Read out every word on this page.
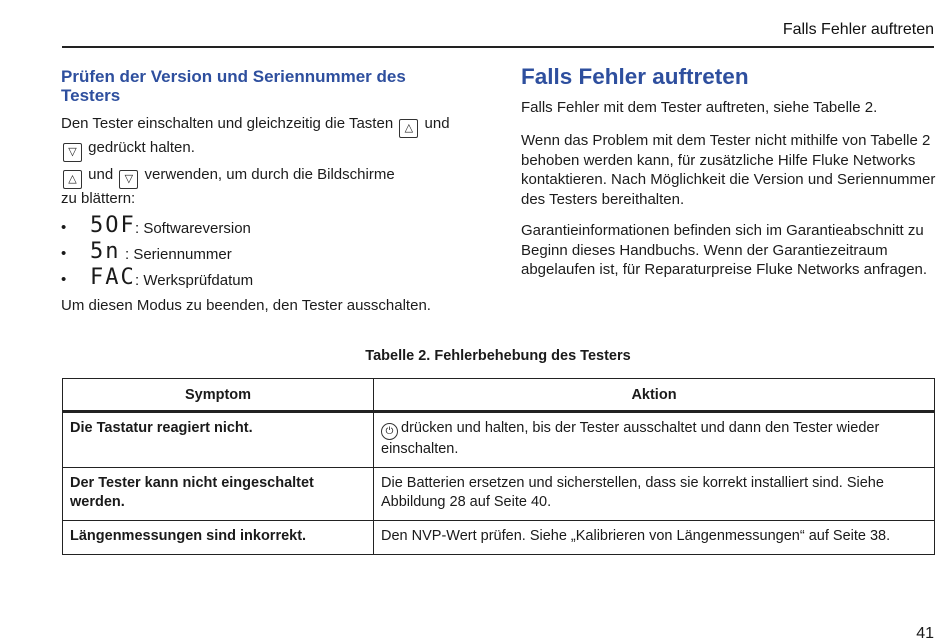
Falls Fehler auftreten
Prüfen der Version und Seriennummer des Testers
Den Tester einschalten und gleichzeitig die Tasten △ und
▽ gedrückt halten.
△ und ▽ verwenden, um durch die Bildschirme
zu blättern:
• 5OF : Softwareversion
• 5n : Seriennummer
• FAC : Werksprüfdatum
Um diesen Modus zu beenden, den Tester ausschalten.
Falls Fehler auftreten
Falls Fehler mit dem Tester auftreten, siehe Tabelle 2.
Wenn das Problem mit dem Tester nicht mithilfe von Tabelle 2 behoben werden kann, für zusätzliche Hilfe Fluke Networks kontaktieren. Nach Möglichkeit die Version und Seriennummer des Testers bereithalten.
Garantieinformationen befinden sich im Garantieabschnitt zu Beginn dieses Handbuchs. Wenn der Garantiezeitraum abgelaufen ist, für Reparaturpreise Fluke Networks anfragen.
Tabelle 2. Fehlerbehebung des Testers
Symptom	Aktion
Die Tastatur reagiert nicht.	⏻ drücken und halten, bis der Tester ausschaltet und dann den Tester wieder einschalten.
Der Tester kann nicht eingeschaltet werden.	Die Batterien ersetzen und sicherstellen, dass sie korrekt installiert sind. Siehe Abbildung 28 auf Seite 40.
Längenmessungen sind inkorrekt.	Den NVP-Wert prüfen. Siehe „Kalibrieren von Längenmessungen“ auf Seite 38.
41
